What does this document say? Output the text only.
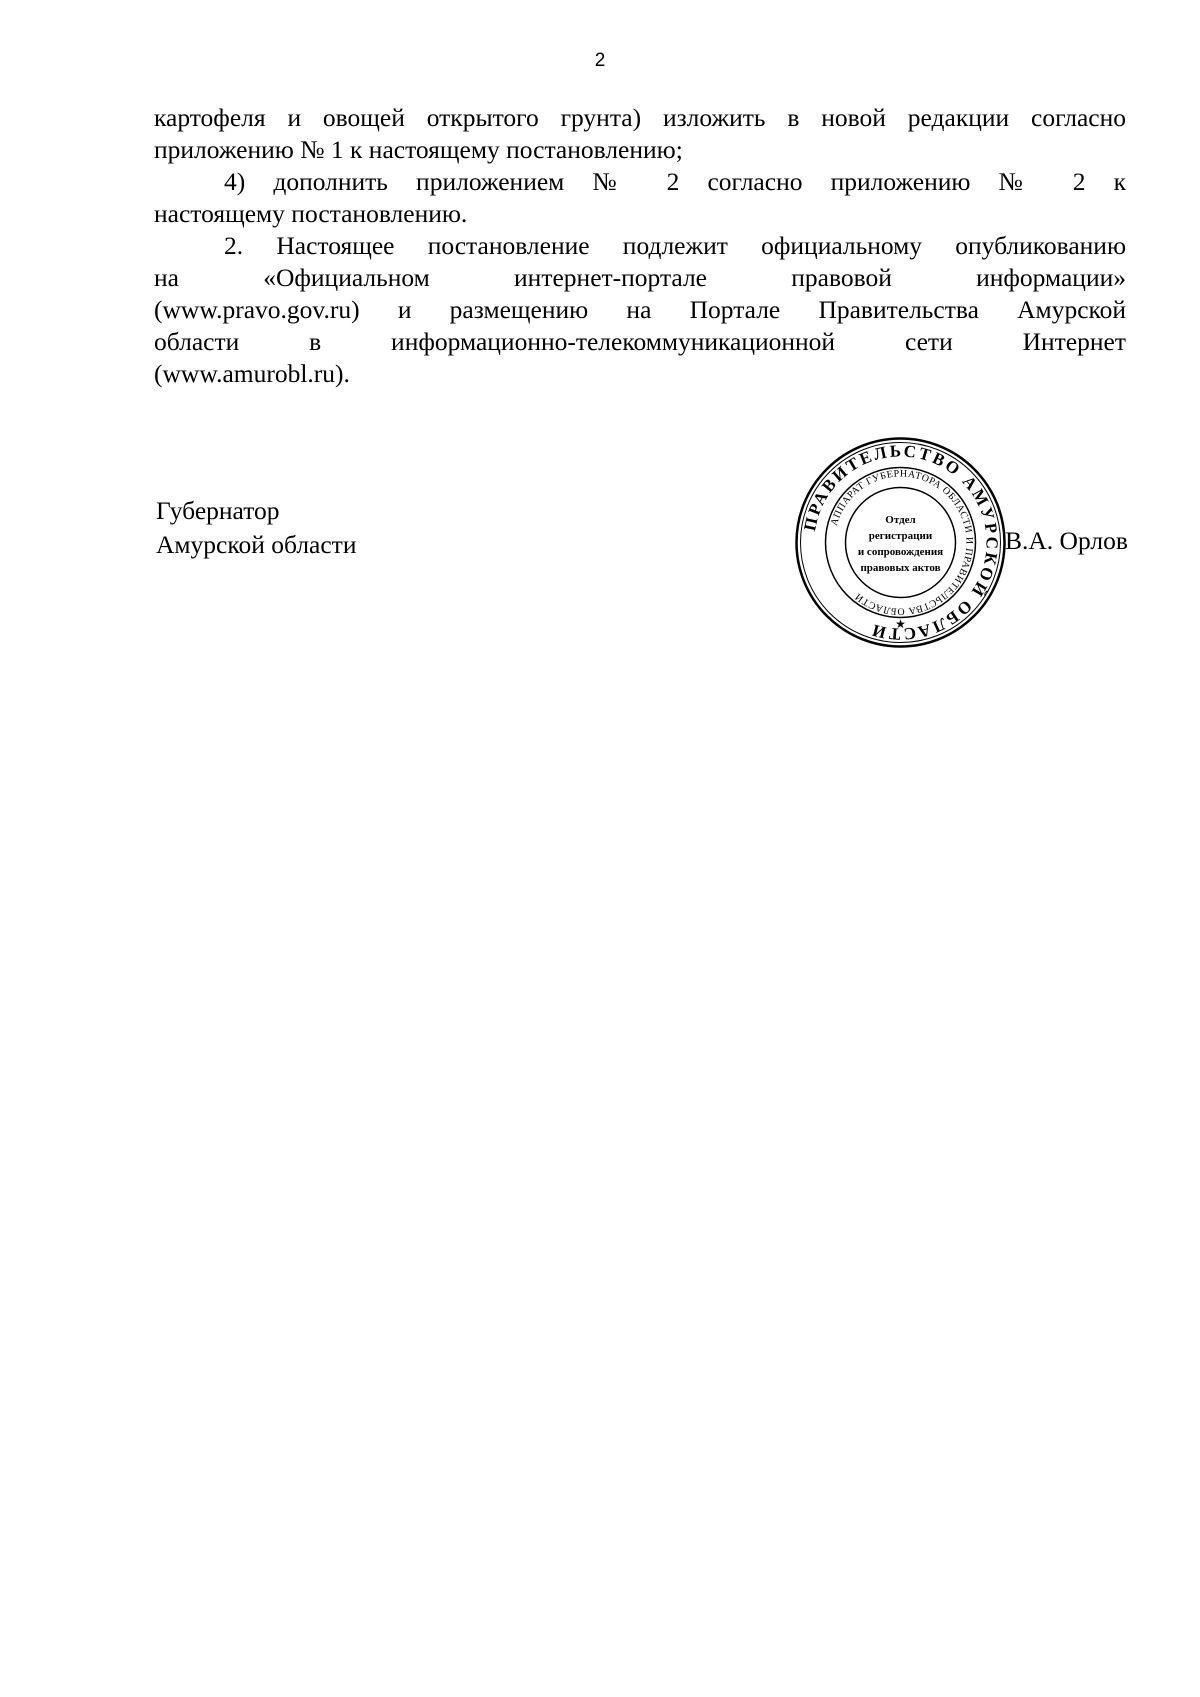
2

картофеля и овощей открытого грунта) изложить в новой редакции согласно

приложению № 1 к настоящему постановлению;

4) дополнить приложением № 2 согласно приложению № 2 к

настоящему постановлению.

2. Настоящее постановление подлежит официальному опубликованию

на «Официальном интернет-портале правовой информации»

(www.pravo.gov.ru) и размещению на Портале Правительства Амурской

области в информационно-телекоммуникационной сети Интернет

(www.amurobl.ru).

Губернатор
Амурской области	В.А. Орлов
ПРАВИТЕЛЬСТВО АМУРСКОЙ ОБЛАСТИ
АППАРАТ ГУБЕРНАТОРА ОБЛАСТИ И ПРАВИТЕЛЬСТВА ОБЛАСТИ
Отдел
регистрации
и сопровождения
правовых актов
★
